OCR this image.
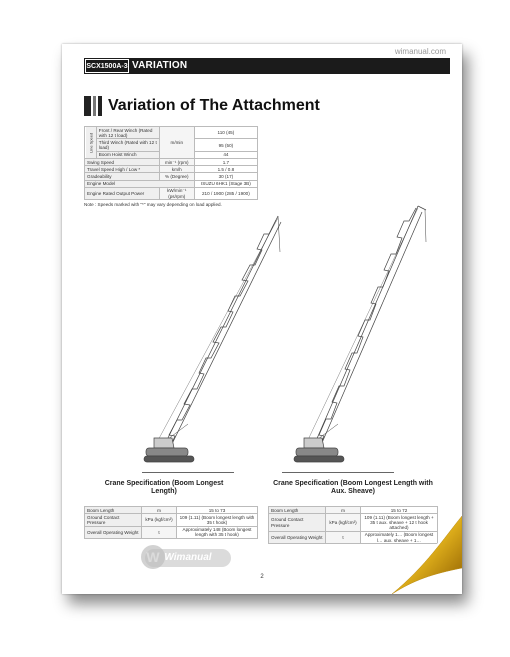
wimanual.com
SCX1500A-3 VARIATION
Variation of The Attachment
Line Speed	Front / Rear Winch (Rated with 12 t load)	m/min	110 (45)
	Third Winch (Rated with 12 t load)		95 (50)
	Boom Hoist Winch		44
Swing Speed		min⁻¹ (rpm)	1.7
Travel Speed High / Low *		km/h	1.5 / 0.8
Gradeability		% (Degree)	30 (17)
Engine Model			ISUZU 6HK1 (Stage 3B)
Engine Rated Output Power		kW/min⁻¹ (ps/rpm)	210 / 1900 (285 / 1900)
Note : Speeds marked with "*" may vary depending on load applied.
Crane Specification (Boom Longest Length)
Crane Specification (Boom Longest Length with Aux. Sheave)
Boom Length	m	15 to 73
Ground Contact Pressure	kPa (kgf/cm²)	109 (1.11) (Boom longest length with 35 t hook)
Overall Operating Weight	t	Approximately 148 (Boom longest length with 35 t hook)
Boom Length	m	15 to 72
Ground Contact Pressure	kPa (kgf/cm²)	109 (1.11) (Boom longest length + 35 t aux. sheave + 12 t hook attached)
Overall Operating Weight	t	Approximately 1… (Boom longest l… aux. sheave + 1…
Wimanual
2
